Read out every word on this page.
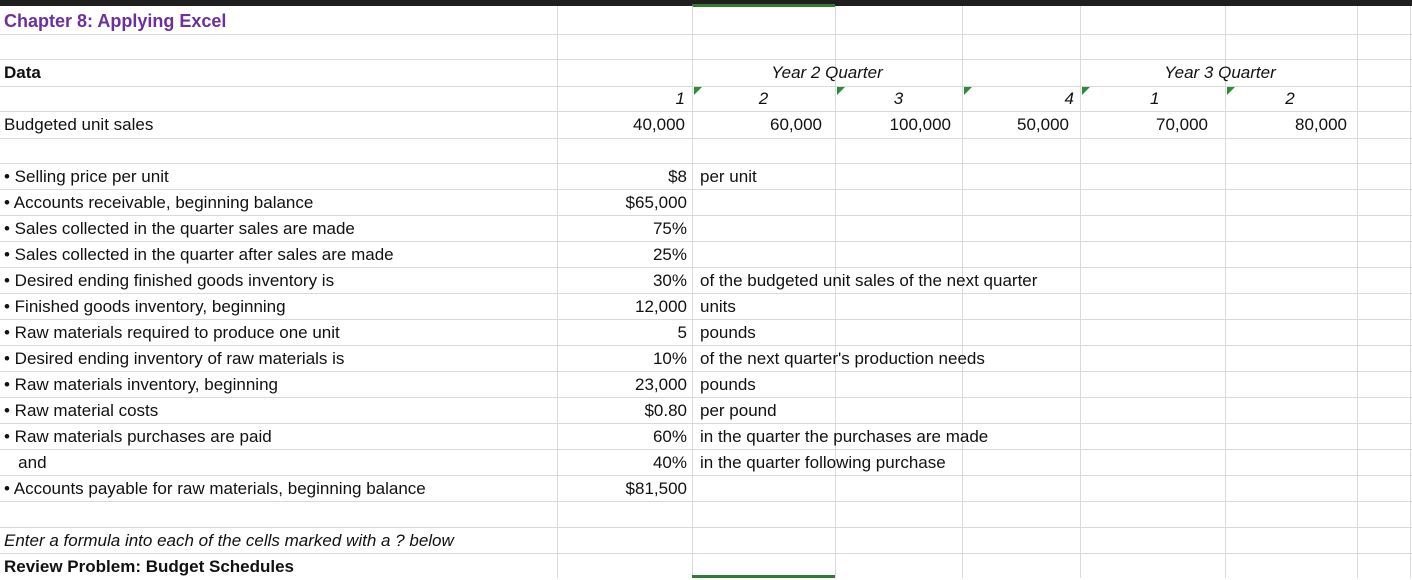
Chapter 8: Applying Excel
Data	Year 2 Quarter	Year 3 Quarter
1	2	3	4	1	2
Budgeted unit sales	40,000	60,000	100,000	50,000	70,000	80,000
• Selling price per unit	$8 per unit
• Accounts receivable, beginning balance	$65,000
• Sales collected in the quarter sales are made	75%
• Sales collected in the quarter after sales are made	25%
• Desired ending finished goods inventory is	30% of the budgeted unit sales of the next quarter
• Finished goods inventory, beginning	12,000 units
• Raw materials required to produce one unit	5 pounds
• Desired ending inventory of raw materials is	10% of the next quarter's production needs
• Raw materials inventory, beginning	23,000 pounds
• Raw material costs	$0.80 per pound
• Raw materials purchases are paid	60% in the quarter the purchases are made
and	40% in the quarter following purchase
• Accounts payable for raw materials, beginning balance	$81,500
Enter a formula into each of the cells marked with a ? below
Review Problem: Budget Schedules
